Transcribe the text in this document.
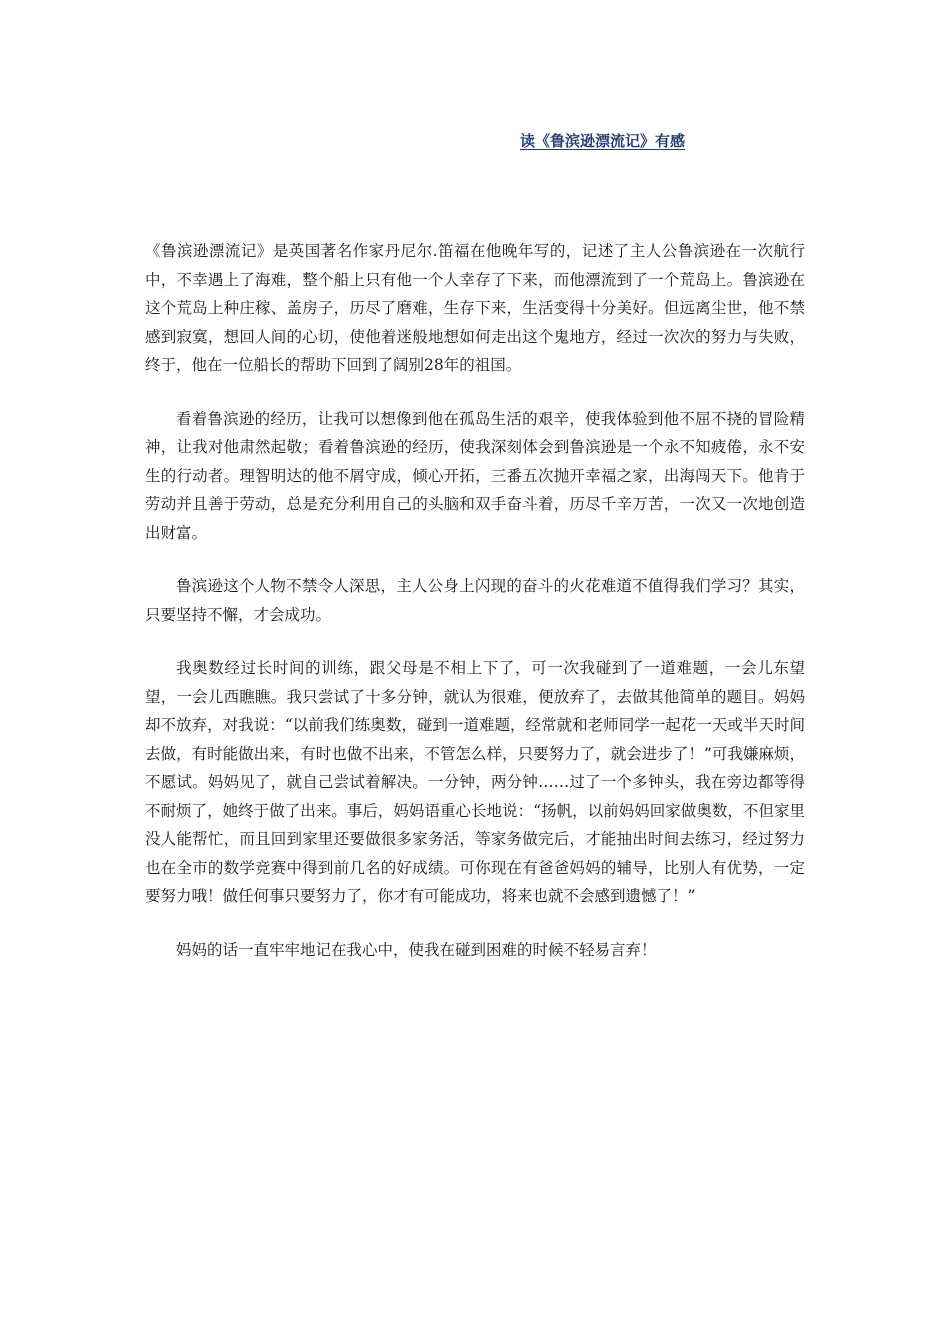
读《鲁滨逊漂流记》有感

《鲁滨逊漂流记》是英国著名作家丹尼尔.笛福在他晚年写的，记述了主人公鲁滨逊在一次航行中，不幸遇上了海难，整个船上只有他一个人幸存了下来，而他漂流到了一个荒岛上。鲁滨逊在这个荒岛上种庄稼、盖房子，历尽了磨难，生存下来，生活变得十分美好。但远离尘世，他不禁感到寂寞，想回人间的心切，使他着迷般地想如何走出这个鬼地方，经过一次次的努力与失败，终于，他在一位船长的帮助下回到了阔别28年的祖国。

看着鲁滨逊的经历，让我可以想像到他在孤岛生活的艰辛，使我体验到他不屈不挠的冒险精神，让我对他肃然起敬；看着鲁滨逊的经历，使我深刻体会到鲁滨逊是一个永不知疲倦，永不安生的行动者。理智明达的他不屑守成，倾心开拓，三番五次抛开幸福之家，出海闯天下。他肯于劳动并且善于劳动，总是充分利用自己的头脑和双手奋斗着，历尽千辛万苦，一次又一次地创造出财富。

鲁滨逊这个人物不禁令人深思，主人公身上闪现的奋斗的火花难道不值得我们学习？其实，只要坚持不懈，才会成功。

我奥数经过长时间的训练，跟父母是不相上下了，可一次我碰到了一道难题，一会儿东望望，一会儿西瞧瞧。我只尝试了十多分钟，就认为很难，便放弃了，去做其他简单的题目。妈妈却不放弃，对我说：“以前我们练奥数，碰到一道难题，经常就和老师同学一起花一天或半天时间去做，有时能做出来，有时也做不出来，不管怎么样，只要努力了，就会进步了！”可我嫌麻烦，不愿试。妈妈见了，就自己尝试着解决。一分钟，两分钟……过了一个多钟头，我在旁边都等得不耐烦了，她终于做了出来。事后，妈妈语重心长地说：“扬帆，以前妈妈回家做奥数，不但家里没人能帮忙，而且回到家里还要做很多家务活，等家务做完后，才能抽出时间去练习，经过努力也在全市的数学竞赛中得到前几名的好成绩。可你现在有爸爸妈妈的辅导，比别人有优势，一定要努力哦！做任何事只要努力了，你才有可能成功，将来也就不会感到遗憾了！”

妈妈的话一直牢牢地记在我心中，使我在碰到困难的时候不轻易言弃！
